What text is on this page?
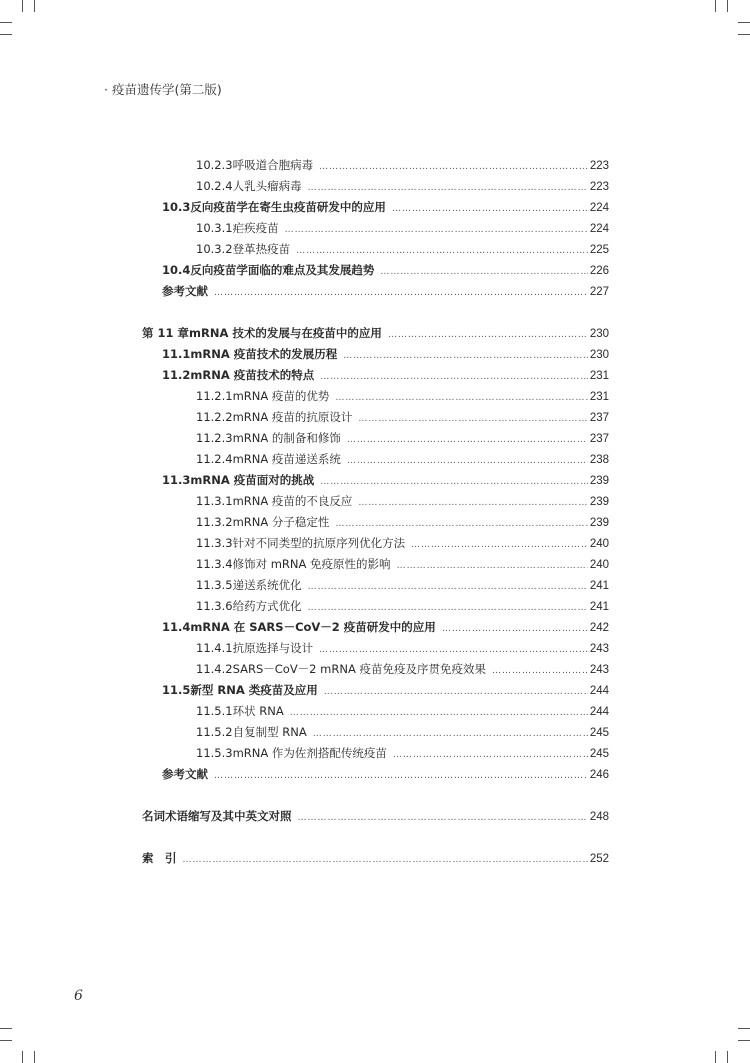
· 疫苗遗传学(第二版)
10.2.3 呼吸道合胞病毒 …………………………………………………………………………………………………………………………………………………………………………………………………………………………………………	223
10.2.4 人乳头瘤病毒 …………………………………………………………………………………………………………………………………………………………………………………………………………………………………………	223
10.3 反向疫苗学在寄生虫疫苗研发中的应用 …………………………………………………………………………………………………………………………………………………………………………………………………………………………………………	224
10.3.1 疟疾疫苗 …………………………………………………………………………………………………………………………………………………………………………………………………………………………………………	224
10.3.2 登革热疫苗 …………………………………………………………………………………………………………………………………………………………………………………………………………………………………………	225
10.4 反向疫苗学面临的难点及其发展趋势 …………………………………………………………………………………………………………………………………………………………………………………………………………………………………………	226
参考文献 …………………………………………………………………………………………………………………………………………………………………………………………………………………………………………	227
第 11 章 mRNA 技术的发展与在疫苗中的应用 …………………………………………………………………………………………………………………………………………………………………………………………………………………………………………	230
11.1 mRNA 疫苗技术的发展历程 …………………………………………………………………………………………………………………………………………………………………………………………………………………………………………	230
11.2 mRNA 疫苗技术的特点 …………………………………………………………………………………………………………………………………………………………………………………………………………………………………………	231
11.2.1 mRNA 疫苗的优势 …………………………………………………………………………………………………………………………………………………………………………………………………………………………………………	231
11.2.2 mRNA 疫苗的抗原设计 …………………………………………………………………………………………………………………………………………………………………………………………………………………………………………	237
11.2.3 mRNA 的制备和修饰 …………………………………………………………………………………………………………………………………………………………………………………………………………………………………………	237
11.2.4 mRNA 疫苗递送系统 …………………………………………………………………………………………………………………………………………………………………………………………………………………………………………	238
11.3 mRNA 疫苗面对的挑战 …………………………………………………………………………………………………………………………………………………………………………………………………………………………………………	239
11.3.1 mRNA 疫苗的不良反应 …………………………………………………………………………………………………………………………………………………………………………………………………………………………………………	239
11.3.2 mRNA 分子稳定性 …………………………………………………………………………………………………………………………………………………………………………………………………………………………………………	239
11.3.3 针对不同类型的抗原序列优化方法 …………………………………………………………………………………………………………………………………………………………………………………………………………………………………………	240
11.3.4 修饰对 mRNA 免疫原性的影响 …………………………………………………………………………………………………………………………………………………………………………………………………………………………………………	240
11.3.5 递送系统优化 …………………………………………………………………………………………………………………………………………………………………………………………………………………………………………	241
11.3.6 给药方式优化 …………………………………………………………………………………………………………………………………………………………………………………………………………………………………………	241
11.4 mRNA 在 SARS－CoV－2 疫苗研发中的应用 …………………………………………………………………………………………………………………………………………………………………………………………………………………………………………	242
11.4.1 抗原选择与设计 …………………………………………………………………………………………………………………………………………………………………………………………………………………………………………	243
11.4.2 SARS－CoV－2 mRNA 疫苗免疫及序贯免疫效果 …………………………………………………………………………………………………………………………………………………………………………………………………………………………………………	243
11.5 新型 RNA 类疫苗及应用 …………………………………………………………………………………………………………………………………………………………………………………………………………………………………………	244
11.5.1 环状 RNA …………………………………………………………………………………………………………………………………………………………………………………………………………………………………………	244
11.5.2 自复制型 RNA …………………………………………………………………………………………………………………………………………………………………………………………………………………………………………	245
11.5.3 mRNA 作为佐剂搭配传统疫苗 …………………………………………………………………………………………………………………………………………………………………………………………………………………………………………	245
参考文献 …………………………………………………………………………………………………………………………………………………………………………………………………………………………………………	246
名词术语缩写及其中英文对照 …………………………………………………………………………………………………………………………………………………………………………………………………………………………………………	248
索　引 …………………………………………………………………………………………………………………………………………………………………………………………………………………………………………	252
6
